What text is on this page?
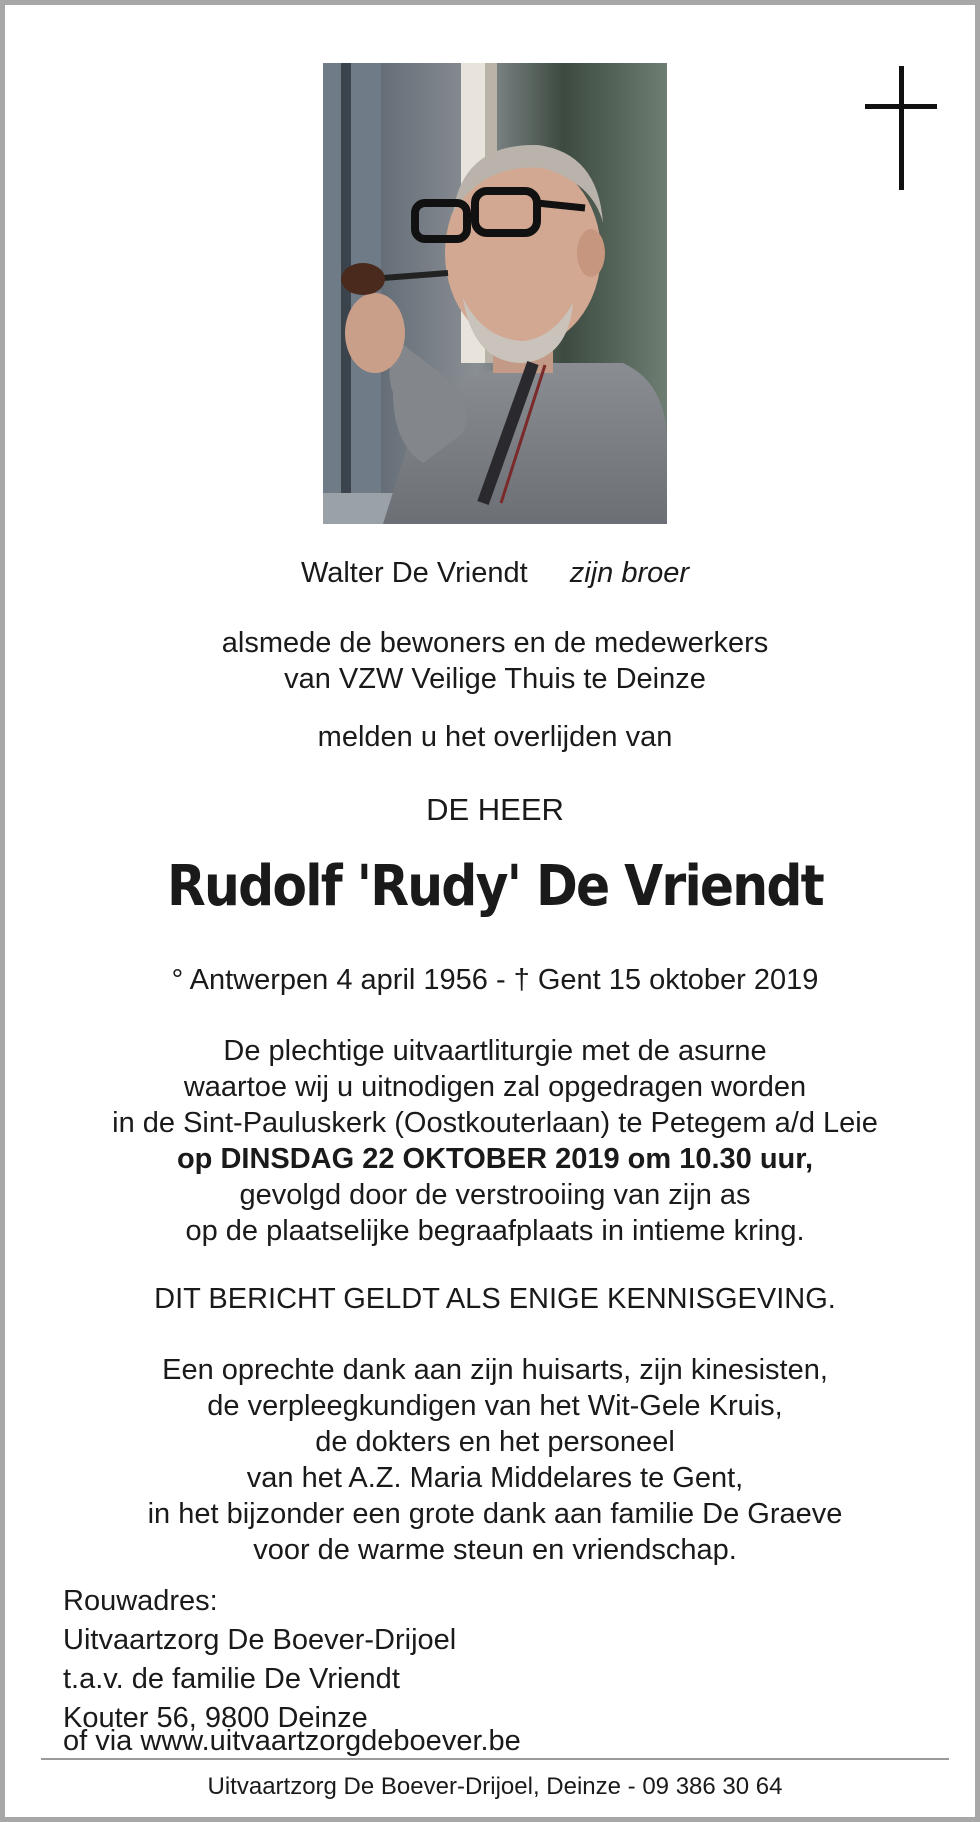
Walter De Vriendt zijn broer
alsmede de bewoners en de medewerkers
van VZW Veilige Thuis te Deinze
melden u het overlijden van
DE HEER
Rudolf 'Rudy' De Vriendt
° Antwerpen 4 april 1956 - † Gent 15 oktober 2019
De plechtige uitvaartliturgie met de asurne
waartoe wij u uitnodigen zal opgedragen worden
in de Sint-Pauluskerk (Oostkouterlaan) te Petegem a/d Leie
op DINSDAG 22 OKTOBER 2019 om 10.30 uur,
gevolgd door de verstrooiing van zijn as
op de plaatselijke begraafplaats in intieme kring.
DIT BERICHT GELDT ALS ENIGE KENNISGEVING.
Een oprechte dank aan zijn huisarts, zijn kinesisten,
de verpleegkundigen van het Wit-Gele Kruis,
de dokters en het personeel
van het A.Z. Maria Middelares te Gent,
in het bijzonder een grote dank aan familie De Graeve
voor de warme steun en vriendschap.
Rouwadres:
Uitvaartzorg De Boever-Drijoel
t.a.v. de familie De Vriendt
Kouter 56, 9800 Deinze
of via www.uitvaartzorgdeboever.be
Uitvaartzorg De Boever-Drijoel, Deinze - 09 386 30 64
